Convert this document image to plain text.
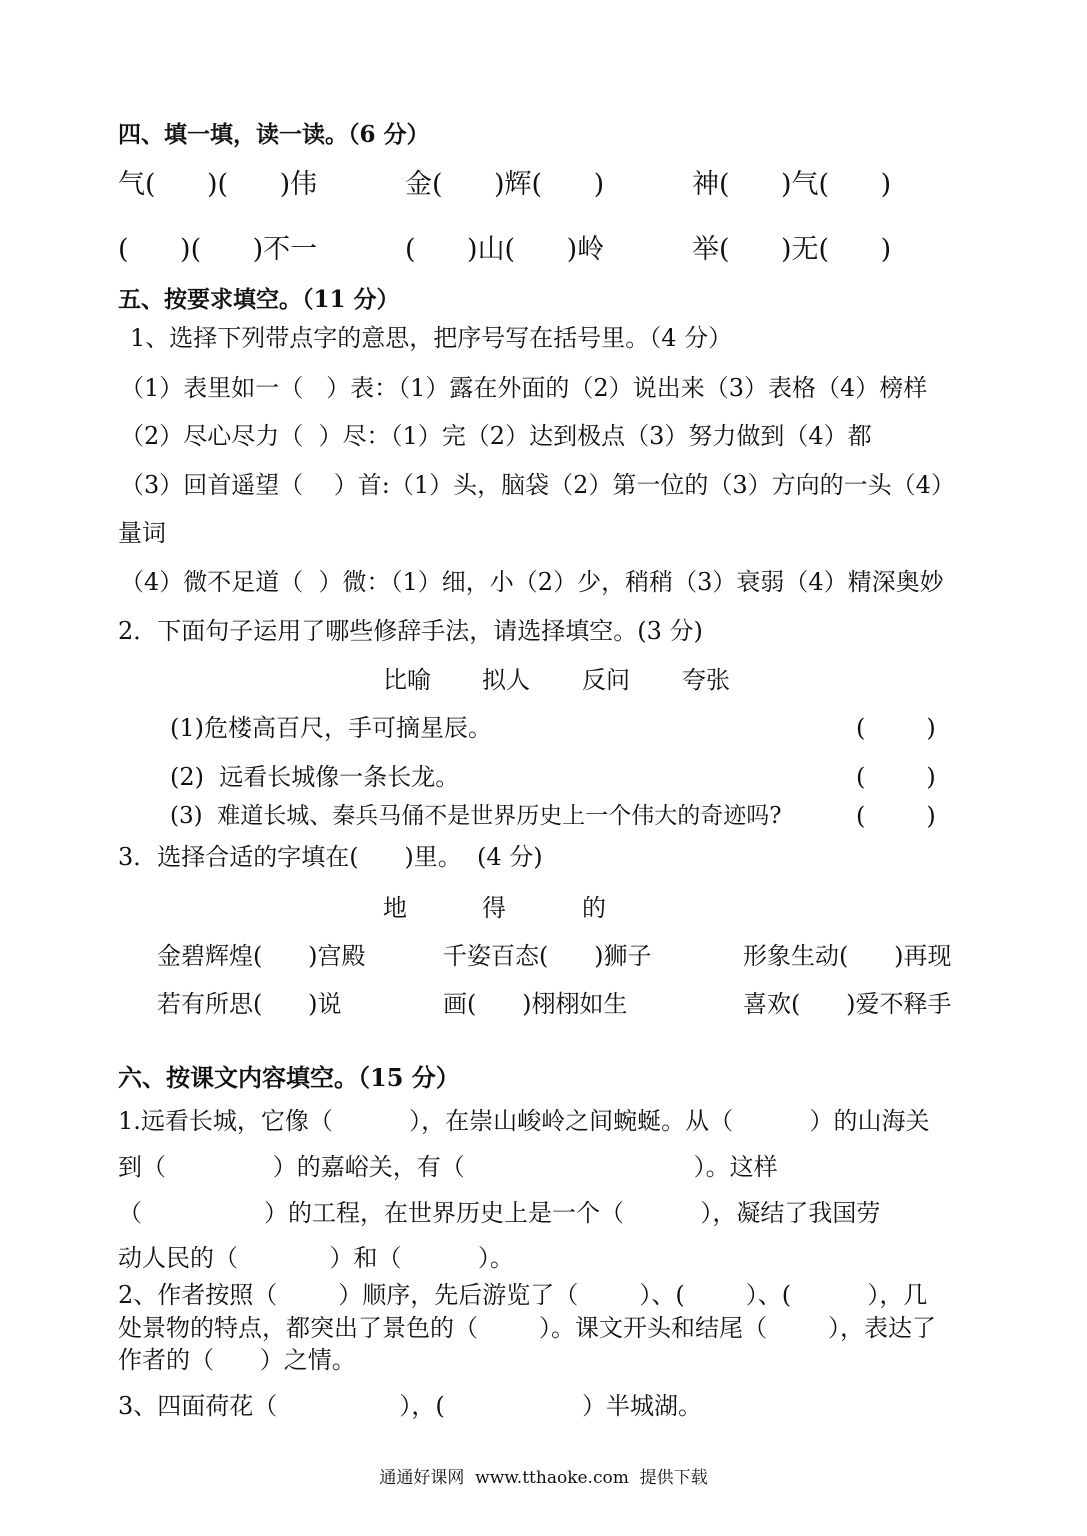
四、填一填，读一读。（6 分）
气(      )(      )伟	金(      )辉(      )	神(      )气(      )
(      )(      )不一	(      )山(      )岭	举(      )无(      )
五、按要求填空。（11 分）
1、选择下列带点字的意思，把序号写在括号里。（4 分）
（1）表里如一（   ）表：（1）露在外面的（2）说出来（3）表格（4）榜样
（2）尽心尽力（  ）尽：（1）完（2）达到极点（3）努力做到（4）都
（3）回首遥望（    ）首:（1）头，脑袋（2）第一位的（3）方向的一头（4）
量词
（4）微不足道（  ）微：（1）细，小（2）少，稍稍（3）衰弱（4）精深奥妙
2．下面句子运用了哪些修辞手法，请选择填空。(3 分)
比喻 拟人 反问 夸张
(1)危楼高百尺，手可摘星辰。	(        )
(2)  远看长城像一条长龙。	(        )
(3)  难道长城、秦兵马俑不是世界历史上一个伟大的奇迹吗?	(        )
3．选择合适的字填在(      )里。  (4 分)
地	得	的
金碧辉煌(      )宫殿	千姿百态(      )狮子	形象生动(      )再现
若有所思(      )说	画(      )栩栩如生	喜欢(      )爱不释手
六、按课文内容填空。（15 分）
1.远看长城，它像（          ），在崇山峻岭之间蜿蜒。从（          ）的山海关
到（              ）的嘉峪关，有（                              ）。这样
（                ）的工程，在世界历史上是一个（          ），凝结了我国劳
动人民的（            ）和（          ）。
2、作者按照（        ）顺序，先后游览了（        ）、(        ）、(          ），几
处景物的特点，都突出了景色的（        ）。课文开头和结尾（        ），表达了
作者的（      ）之情。
3、四面荷花（                ），(                  ）半城湖。
通通好课网  www.tthaoke.com  提供下载
